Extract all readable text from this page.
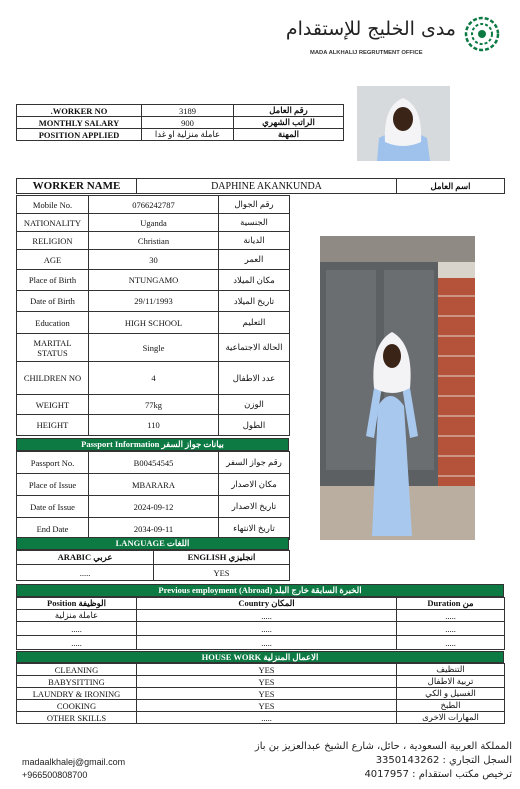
مدى الخليج للإستقدام
MADA ALKHALIJ REGRUTMENT OFFICE
.WORKER NO	3189	رقم العامل
MONTHLY SALARY	900	الراتب الشهري
POSITION APPLIED	عاملة منزلية او غدا	المهنة
WORKER NAME	DAPHINE AKANKUNDA	اسم العامل
Mobile No.	0766242787	رقم الجوال
NATIONALITY	Uganda	الجنسية
RELIGION	Christian	الديانة
AGE	30	العمر
Place of Birth	NTUNGAMO	مكان الميلاد
Date of Birth	29/11/1993	تاريخ الميلاد
Education	HIGH SCHOOL	التعليم
MARITAL STATUS	Single	الحالة الاجتماعية
CHILDREN NO	4	عدد الاطفال
WEIGHT	77kg	الوزن
HEIGHT	110	الطول
Passport Information بيانات جواز السفر
Passport No.	B00454545	رقم جواز السفر
Place of Issue	MBARARA	مكان الاصدار
Date of Issue	2024-09-12	تاريخ الاصدار
End Date	2034-09-11	تاريخ الانتهاء
LANGUAGE اللغات
ARABIC عربي	ENGLISH انجليزي
.....	YES
Previous employment (Abroad) الخبرة السابقة خارج البلد
Position الوظيفة	Country المكان	Duration من
عاملة منزلية	.....	.....
.....	.....	.....
.....	.....	.....
HOUSE WORK الاعمال المنزلية
CLEANING	YES	التنظيف
BABYSITTING	YES	تربية الاطفال
LAUNDRY & IRONING	YES	الغسيل و الكي
COOKING	YES	الطبخ
OTHER SKILLS	.....	المهارات الاخرى
madaalkhalej@gmail.com
+966500808700
المملكة العربية السعودية ، حائل، شارع الشيخ عبدالعزيز بن باز
السجل التجاري : 3350143262
ترخيص مكتب استقدام : 4017957
